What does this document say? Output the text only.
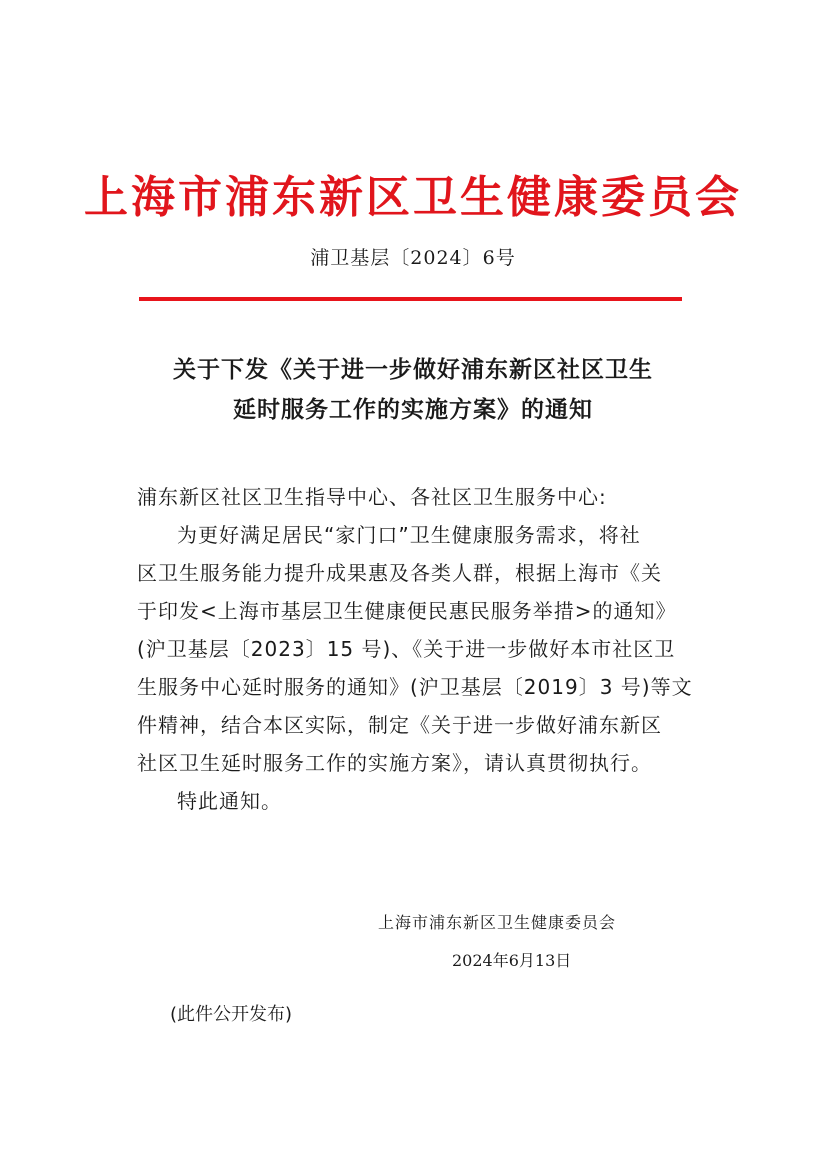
上海市浦东新区卫生健康委员会
浦卫基层〔2024〕6号
关于下发《关于进一步做好浦东新区社区卫生
延时服务工作的实施方案》的通知
浦东新区社区卫生指导中心、各社区卫生服务中心:
为更好满足居民“家门口”卫生健康服务需求，将社
区卫生服务能力提升成果惠及各类人群，根据上海市《关
于印发<上海市基层卫生健康便民惠民服务举措>的通知》
(沪卫基层〔2023〕15 号)、《关于进一步做好本市社区卫
生服务中心延时服务的通知》(沪卫基层〔2019〕3 号)等文
件精神，结合本区实际，制定《关于进一步做好浦东新区
社区卫生延时服务工作的实施方案》，请认真贯彻执行。
特此通知。
上海市浦东新区卫生健康委员会
2024年6月13日
(此件公开发布)
